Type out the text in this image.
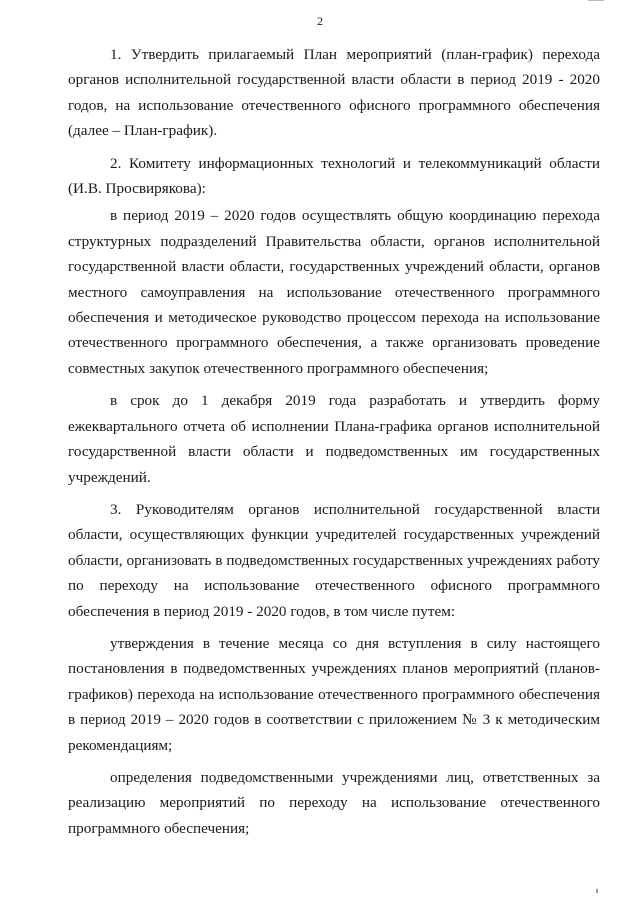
2

1. Утвердить прилагаемый План мероприятий (план-график) перехода органов исполнительной государственной власти области в период 2019 - 2020 годов, на использование отечественного офисного программного обеспечения (далее – План-график).

2. Комитету информационных технологий и телекоммуникаций области (И.В. Просвирякова):

в период 2019 – 2020 годов осуществлять общую координацию перехода структурных подразделений Правительства области, органов исполнительной государственной власти области, государственных учреждений области, органов местного самоуправления на использование отечественного программного обеспечения и методическое руководство процессом перехода на использование отечественного программного обеспечения, а также организовать проведение совместных закупок отечественного программного обеспечения;

в срок до 1 декабря 2019 года разработать и утвердить форму ежеквартального отчета об исполнении Плана-графика органов исполнительной государственной власти области и подведомственных им государственных учреждений.

3. Руководителям органов исполнительной государственной власти области, осуществляющих функции учредителей государственных учреждений области, организовать в подведомственных государственных учреждениях работу по переходу на использование отечественного офисного программного обеспечения в период 2019 - 2020 годов, в том числе путем:

утверждения в течение месяца со дня вступления в силу настоящего постановления в подведомственных учреждениях планов мероприятий (планов-графиков) перехода на использование отечественного программного обеспечения в период 2019 – 2020 годов в соответствии с приложением № 3 к методическим рекомендациям;

определения подведомственными учреждениями лиц, ответственных за реализацию мероприятий по переходу на использование отечественного программного обеспечения;
